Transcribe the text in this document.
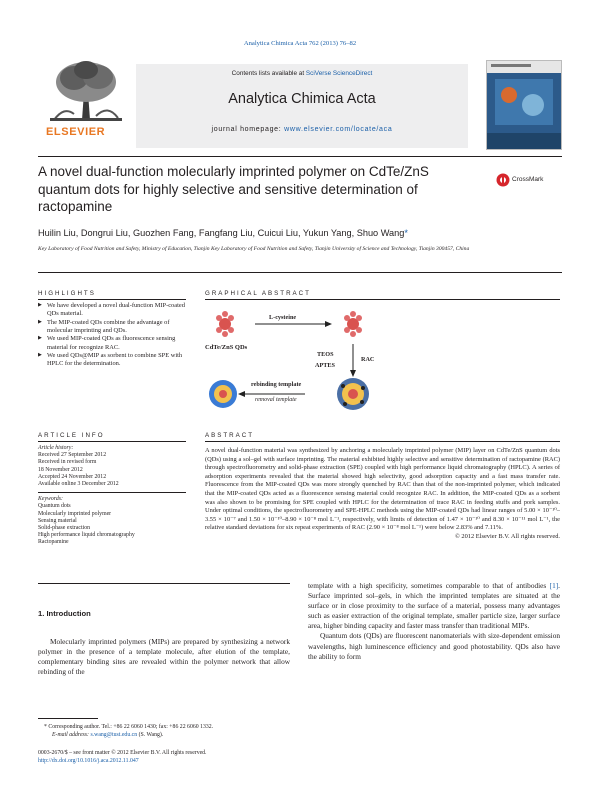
Analytica Chimica Acta 762 (2013) 76–82
ELSEVIER
Contents lists available at SciVerse ScienceDirect
Analytica Chimica Acta
journal homepage: www.elsevier.com/locate/aca
A novel dual-function molecularly imprinted polymer on CdTe/ZnS quantum dots for highly selective and sensitive determination of ractopamine
CrossMark
Huilin Liu, Dongrui Liu, Guozhen Fang, Fangfang Liu, Cuicui Liu, Yukun Yang, Shuo Wang*
Key Laboratory of Food Nutrition and Safety, Ministry of Education, Tianjin Key Laboratory of Food Nutrition and Safety, Tianjin University of Science and Technology, Tianjin 300457, China
HIGHLIGHTS
▶ We have developed a novel dual-function MIP-coated QDs material.
▶ The MIP-coated QDs combine the advantage of molecular imprinting and QDs.
▶ We used MIP-coated QDs as fluorescence sensing material for recognize RAC.
▶ We used QDs@MIP as sorbent to combine SPE with HPLC for the determination.
GRAPHICAL ABSTRACT
L-cysteine
CdTe/ZnS QDs
TEOS
APTES
RAC
rebinding template
removal template
ARTICLE INFO
Article history:
Received 27 September 2012
Received in revised form
18 November 2012
Accepted 24 November 2012
Available online 3 December 2012
Keywords:
Quantum dots
Molecularly imprinted polymer
Sensing material
Solid-phase extraction
High performance liquid chromatography
Ractopamine
ABSTRACT
A novel dual-function material was synthesized by anchoring a molecularly imprinted polymer (MIP) layer on CdTe/ZnS quantum dots (QDs) using a sol–gel with surface imprinting. The material exhibited highly selective and sensitive determination of ractopamine (RAC) through spectrofluorometry and solid-phase extraction (SPE) coupled with high performance liquid chromatography (HPLC). A series of adsorption experiments revealed that the material showed high selectivity, good adsorption capacity and a fast mass transfer rate. Fluorescence from the MIP-coated QDs was more strongly quenched by RAC than that of the non-imprinted polymer, which indicated that the MIP-coated QDs acted as a fluorescence sensing material could recognize RAC. In addition, the MIP-coated QDs as a sorbent was also shown to be promising for SPE coupled with HPLC for the determination of trace RAC in feeding stuffs and pork samples. Under optimal conditions, the spectrofluorometry and SPE-HPLC methods using the MIP-coated QDs had linear ranges of 5.00 × 10⁻¹⁰–3.55 × 10⁻⁷ and 1.50 × 10⁻¹⁰–8.90 × 10⁻⁸ mol L⁻¹, respectively, with limits of detection of 1.47 × 10⁻¹⁰ and 8.30 × 10⁻¹¹ mol L⁻¹, the relative standard deviations for six repeat experiments of RAC (2.90 × 10⁻⁸ mol L⁻¹) were below 2.83% and 7.11%.
© 2012 Elsevier B.V. All rights reserved.
1. Introduction
Molecularly imprinted polymers (MIPs) are prepared by synthesizing a network polymer in the presence of a template molecule, after elution of the template, complementary binding sites are revealed within the polymer network that allow rebinding of the
template with a high specificity, sometimes comparable to that of antibodies [1]. Surface imprinted sol–gels, in which the imprinted templates are situated at the surface or in close proximity to the surface of a material, possess many advantages such as easier extraction of the original template, smaller particle size, larger surface area, higher binding capacity and faster mass transfer than traditional MIPs.
Quantum dots (QDs) are fluorescent nanomaterials with size-dependent emission wavelengths, high luminescence efficiency and good photostability. QDs also have the ability to form
* Corresponding author. Tel.: +86 22 6060 1430; fax: +86 22 6060 1332.
E-mail address: s.wang@tust.edu.cn (S. Wang).
0003-2670/$ – see front matter © 2012 Elsevier B.V. All rights reserved.
http://dx.doi.org/10.1016/j.aca.2012.11.047
